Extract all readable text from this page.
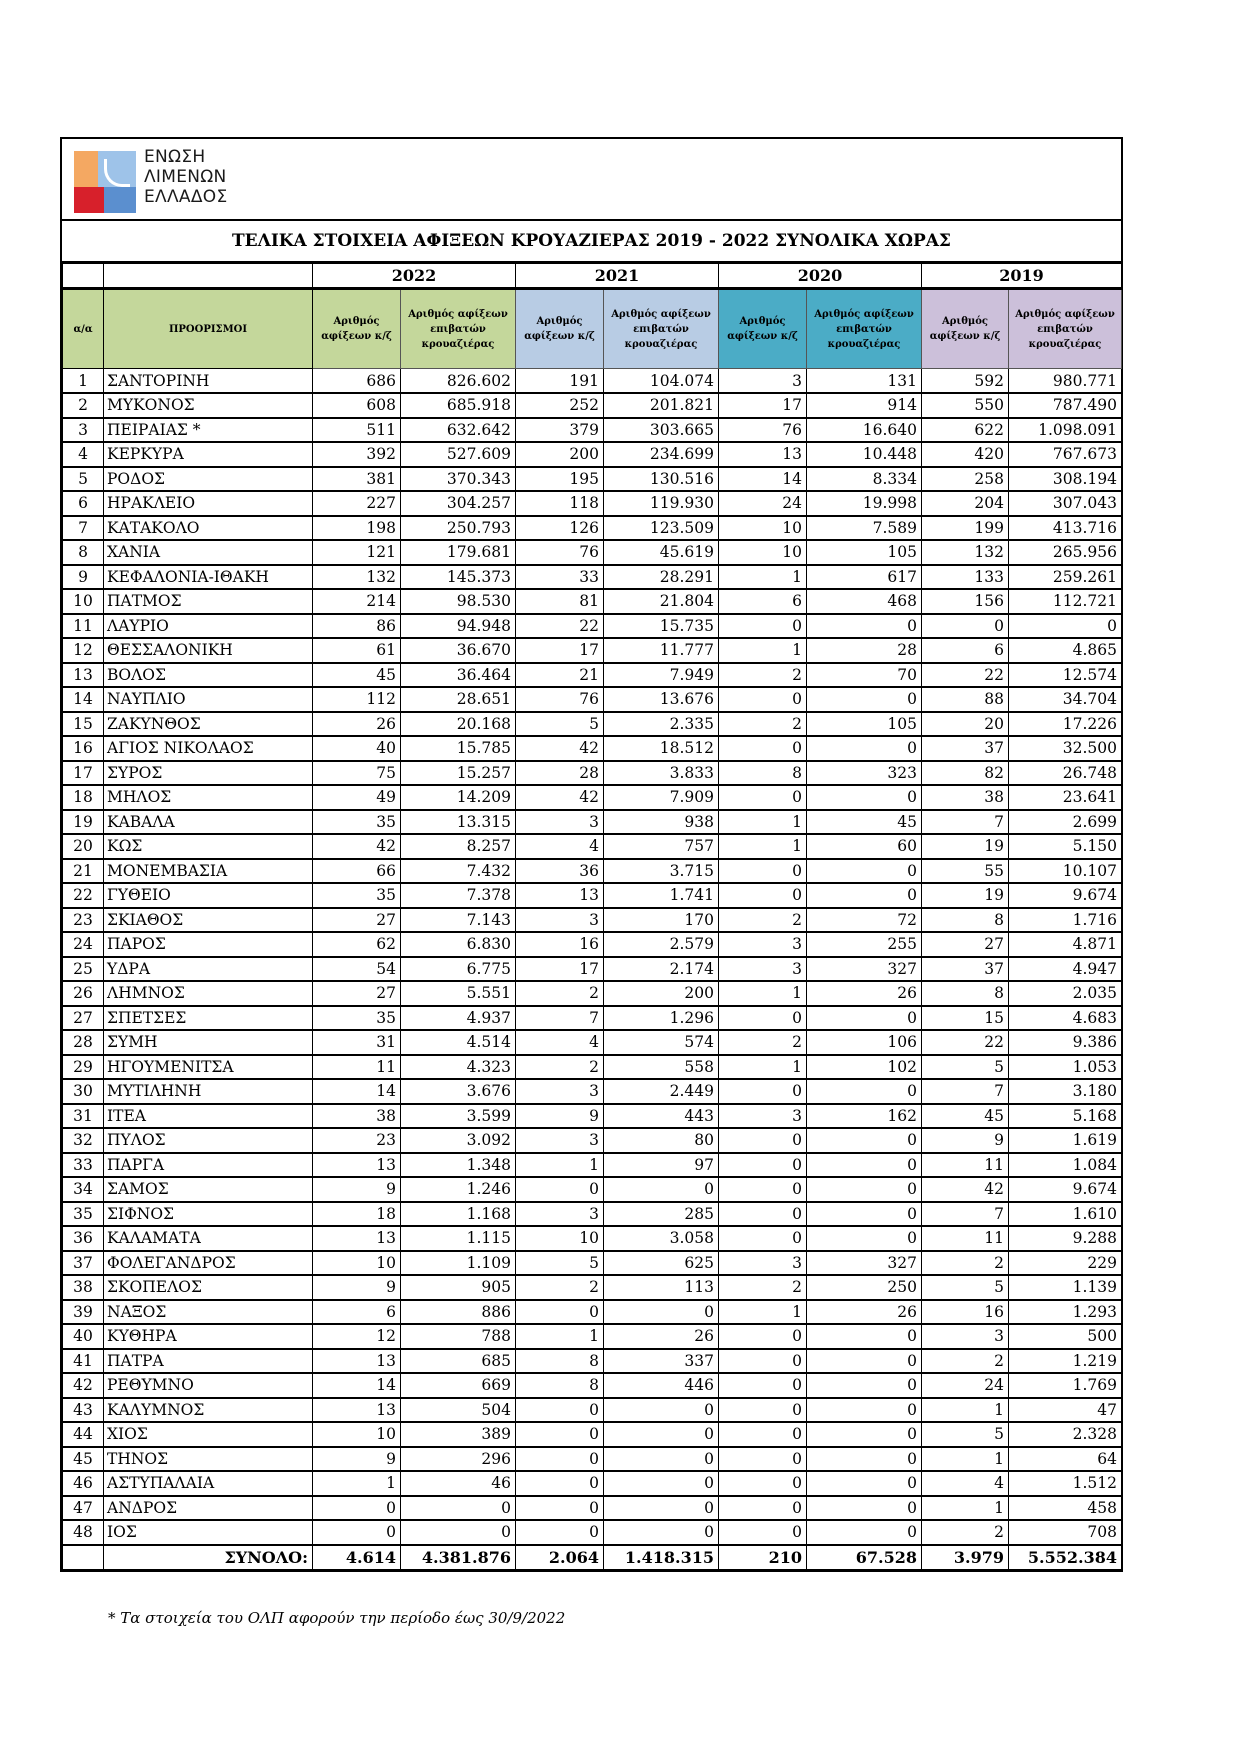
ΕΝΩΣΗ
ΛΙΜΕΝΩΝ
ΕΛΛΑΔΟΣ
ΤΕΛΙΚΑ ΣΤΟΙΧΕΙΑ ΑΦΙΞΕΩΝ ΚΡΟΥΑΖΙΕΡΑΣ 2019 - 2022 ΣΥΝΟΛΙΚΑ ΧΩΡΑΣ
		2022		2021		2020		2019	
α/α	ΠΡΟΟΡΙΣΜΟΙ	Αριθμός αφίξεων κ/ζ	Αριθμός αφίξεων επιβατών κρουαζιέρας	Αριθμός αφίξεων κ/ζ	Αριθμός αφίξεων επιβατών κρουαζιέρας	Αριθμός αφίξεων κ/ζ	Αριθμός αφίξεων επιβατών κρουαζιέρας	Αριθμός αφίξεων κ/ζ	Αριθμός αφίξεων επιβατών κρουαζιέρας
1	ΣΑΝΤΟΡΙΝΗ	686	826.602	191	104.074	3	131	592	980.771
2	ΜΥΚΟΝΟΣ	608	685.918	252	201.821	17	914	550	787.490
3	ΠΕΙΡΑΙΑΣ *	511	632.642	379	303.665	76	16.640	622	1.098.091
4	ΚΕΡΚΥΡΑ	392	527.609	200	234.699	13	10.448	420	767.673
5	ΡΟΔΟΣ	381	370.343	195	130.516	14	8.334	258	308.194
6	ΗΡΑΚΛΕΙΟ	227	304.257	118	119.930	24	19.998	204	307.043
7	ΚΑΤΑΚΟΛΟ	198	250.793	126	123.509	10	7.589	199	413.716
8	ΧΑΝΙΑ	121	179.681	76	45.619	10	105	132	265.956
9	ΚΕΦΑΛΟΝΙΑ-ΙΘΑΚΗ	132	145.373	33	28.291	1	617	133	259.261
10	ΠΑΤΜΟΣ	214	98.530	81	21.804	6	468	156	112.721
11	ΛΑΥΡΙΟ	86	94.948	22	15.735	0	0	0	0
12	ΘΕΣΣΑΛΟΝΙΚΗ	61	36.670	17	11.777	1	28	6	4.865
13	ΒΟΛΟΣ	45	36.464	21	7.949	2	70	22	12.574
14	ΝΑΥΠΛΙΟ	112	28.651	76	13.676	0	0	88	34.704
15	ΖΑΚΥΝΘΟΣ	26	20.168	5	2.335	2	105	20	17.226
16	ΑΓΙΟΣ ΝΙΚΟΛΑΟΣ	40	15.785	42	18.512	0	0	37	32.500
17	ΣΥΡΟΣ	75	15.257	28	3.833	8	323	82	26.748
18	ΜΗΛΟΣ	49	14.209	42	7.909	0	0	38	23.641
19	ΚΑΒΑΛΑ	35	13.315	3	938	1	45	7	2.699
20	ΚΩΣ	42	8.257	4	757	1	60	19	5.150
21	ΜΟΝΕΜΒΑΣΙΑ	66	7.432	36	3.715	0	0	55	10.107
22	ΓΥΘΕΙΟ	35	7.378	13	1.741	0	0	19	9.674
23	ΣΚΙΑΘΟΣ	27	7.143	3	170	2	72	8	1.716
24	ΠΑΡΟΣ	62	6.830	16	2.579	3	255	27	4.871
25	ΥΔΡΑ	54	6.775	17	2.174	3	327	37	4.947
26	ΛΗΜΝΟΣ	27	5.551	2	200	1	26	8	2.035
27	ΣΠΕΤΣΕΣ	35	4.937	7	1.296	0	0	15	4.683
28	ΣΥΜΗ	31	4.514	4	574	2	106	22	9.386
29	ΗΓΟΥΜΕΝΙΤΣΑ	11	4.323	2	558	1	102	5	1.053
30	ΜΥΤΙΛΗΝΗ	14	3.676	3	2.449	0	0	7	3.180
31	ΙΤΕΑ	38	3.599	9	443	3	162	45	5.168
32	ΠΥΛΟΣ	23	3.092	3	80	0	0	9	1.619
33	ΠΑΡΓΑ	13	1.348	1	97	0	0	11	1.084
34	ΣΑΜΟΣ	9	1.246	0	0	0	0	42	9.674
35	ΣΙΦΝΟΣ	18	1.168	3	285	0	0	7	1.610
36	ΚΑΛΑΜΑΤΑ	13	1.115	10	3.058	0	0	11	9.288
37	ΦΟΛΕΓΑΝΔΡΟΣ	10	1.109	5	625	3	327	2	229
38	ΣΚΟΠΕΛΟΣ	9	905	2	113	2	250	5	1.139
39	ΝΑΞΟΣ	6	886	0	0	1	26	16	1.293
40	ΚΥΘΗΡΑ	12	788	1	26	0	0	3	500
41	ΠΑΤΡΑ	13	685	8	337	0	0	2	1.219
42	ΡΕΘΥΜΝΟ	14	669	8	446	0	0	24	1.769
43	ΚΑΛΥΜΝΟΣ	13	504	0	0	0	0	1	47
44	ΧΙΟΣ	10	389	0	0	0	0	5	2.328
45	ΤΗΝΟΣ	9	296	0	0	0	0	1	64
46	ΑΣΤΥΠΑΛΑΙΑ	1	46	0	0	0	0	4	1.512
47	ΑΝΔΡΟΣ	0	0	0	0	0	0	1	458
48	ΙΟΣ	0	0	0	0	0	0	2	708
	ΣΥΝΟΛΟ:	4.614	4.381.876	2.064	1.418.315	210	67.528	3.979	5.552.384
* Τα στοιχεία του ΟΛΠ αφορούν την περίοδο έως 30/9/2022
